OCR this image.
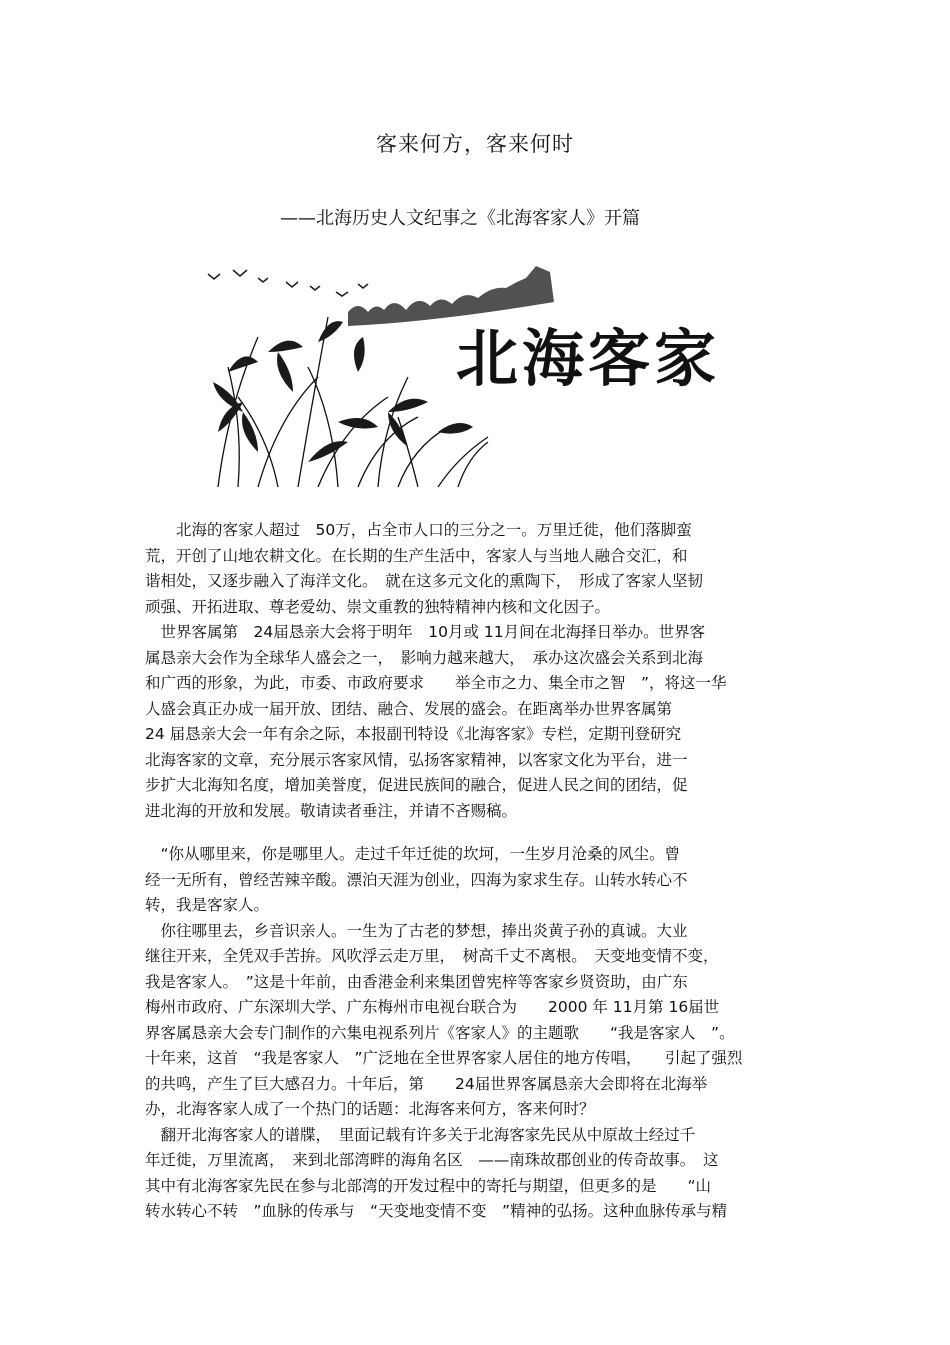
客来何方，客来何时
——北海历史人文纪事之《北海客家人》开篇
北海客家

　　北海的客家人超过　50万，占全市人口的三分之一。万里迁徙，他们落脚蛮

荒，开创了山地农耕文化。在长期的生产生活中，客家人与当地人融合交汇，和

谐相处，又逐步融入了海洋文化。　就在这多元文化的熏陶下，　形成了客家人坚韧

顽强、开拓进取、尊老爱幼、崇文重教的独特精神内核和文化因子。

　世界客属第　24届恳亲大会将于明年　10月或 11月间在北海择日举办。世界客

属恳亲大会作为全球华人盛会之一，　影响力越来越大，　承办这次盛会关系到北海

和广西的形象，为此，市委、市政府要求　　举全市之力、集全市之智　”，将这一华

人盛会真正办成一届开放、团结、融合、发展的盛会。在距离举办世界客属第

24 届恳亲大会一年有余之际，本报副刊特设《北海客家》专栏，定期刊登研究

北海客家的文章，充分展示客家风情，弘扬客家精神，以客家文化为平台，进一

步扩大北海知名度，增加美誉度，促进民族间的融合，促进人民之间的团结，促

进北海的开放和发展。敬请读者垂注，并请不吝赐稿。

　“你从哪里来，你是哪里人。走过千年迁徙的坎坷，一生岁月沧桑的风尘。曾

经一无所有，曾经苦辣辛酸。漂泊天涯为创业，四海为家求生存。山转水转心不

转，我是客家人。

　你往哪里去，乡音识亲人。一生为了古老的梦想，捧出炎黄子孙的真诚。大业

继往开来，全凭双手苦拚。风吹浮云走万里，　树高千丈不离根。　天变地变情不变，

我是客家人。　”这是十年前，由香港金利来集团曾宪梓等客家乡贤资助，由广东

梅州市政府、广东深圳大学、广东梅州市电视台联合为　　2000 年 11月第 16届世

界客属恳亲大会专门制作的六集电视系列片《客家人》的主题歌　　“我是客家人　”。

十年来，这首　“我是客家人　”广泛地在全世界客家人居住的地方传唱，　　引起了强烈

的共鸣，产生了巨大感召力。十年后，第　　24届世界客属恳亲大会即将在北海举

办，北海客家人成了一个热门的话题：北海客来何方，客来何时？

　翻开北海客家人的谱牒，　里面记载有许多关于北海客家先民从中原故土经过千

年迁徙，万里流离，　来到北部湾畔的海角名区　——南珠故郡创业的传奇故事。　这

其中有北海客家先民在参与北部湾的开发过程中的寄托与期望，但更多的是　　“山

转水转心不转　”血脉的传承与　“天变地变情不变　”精神的弘扬。这种血脉传承与精
